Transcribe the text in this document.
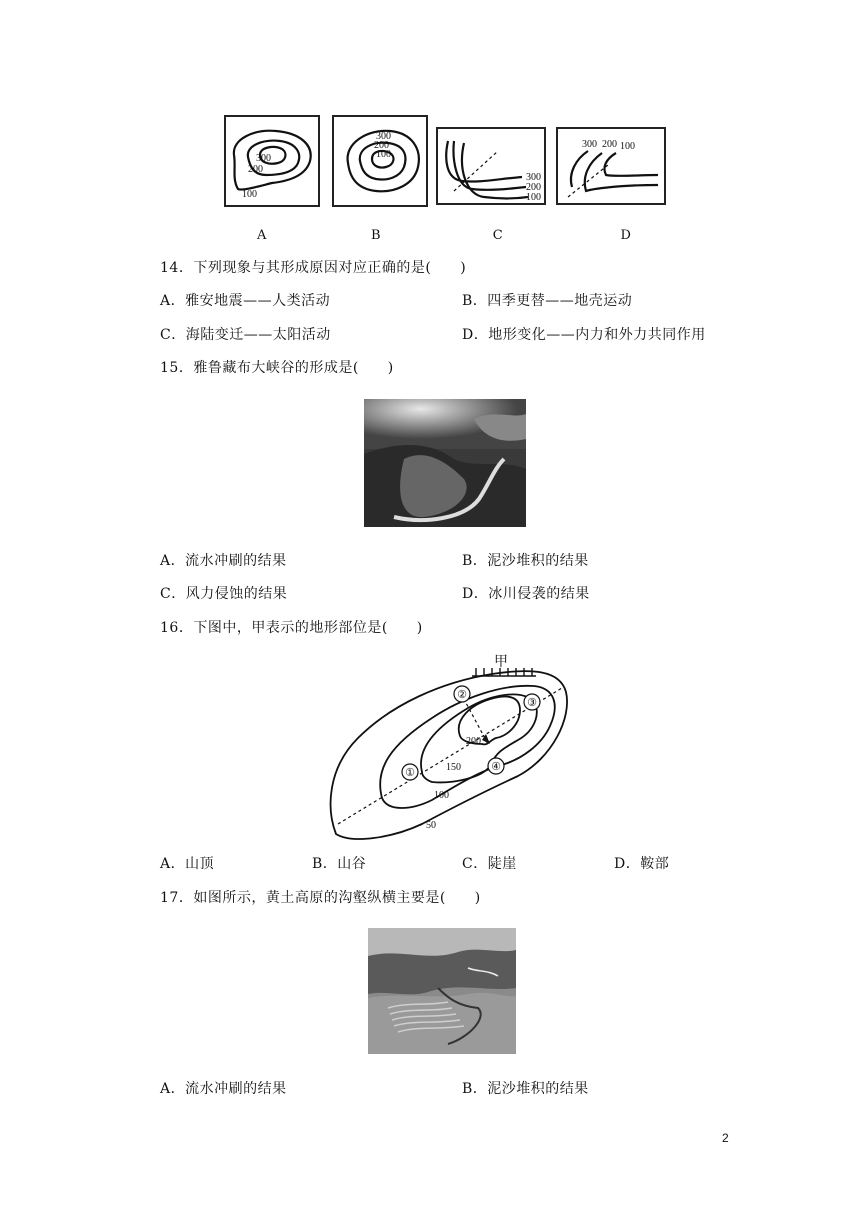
300
200
100
A
300
200
100
B
300
200
100
C
300 200 100
D
14．下列现象与其形成原因对应正确的是(　　)
A．雅安地震——人类活动	B．四季更替——地壳运动
C．海陆变迁——太阳活动	D．地形变化——内力和外力共同作用
15．雅鲁藏布大峡谷的形成是(　　)
A．流水冲刷的结果	B．泥沙堆积的结果
C．风力侵蚀的结果	D．冰川侵袭的结果
16．下图中，甲表示的地形部位是(　　)
①
②
③
④
甲
200
150
100
50
A．山顶	B．山谷	C．陡崖	D．鞍部
17．如图所示，黄土高原的沟壑纵横主要是(　　)
A．流水冲刷的结果	B．泥沙堆积的结果
2
